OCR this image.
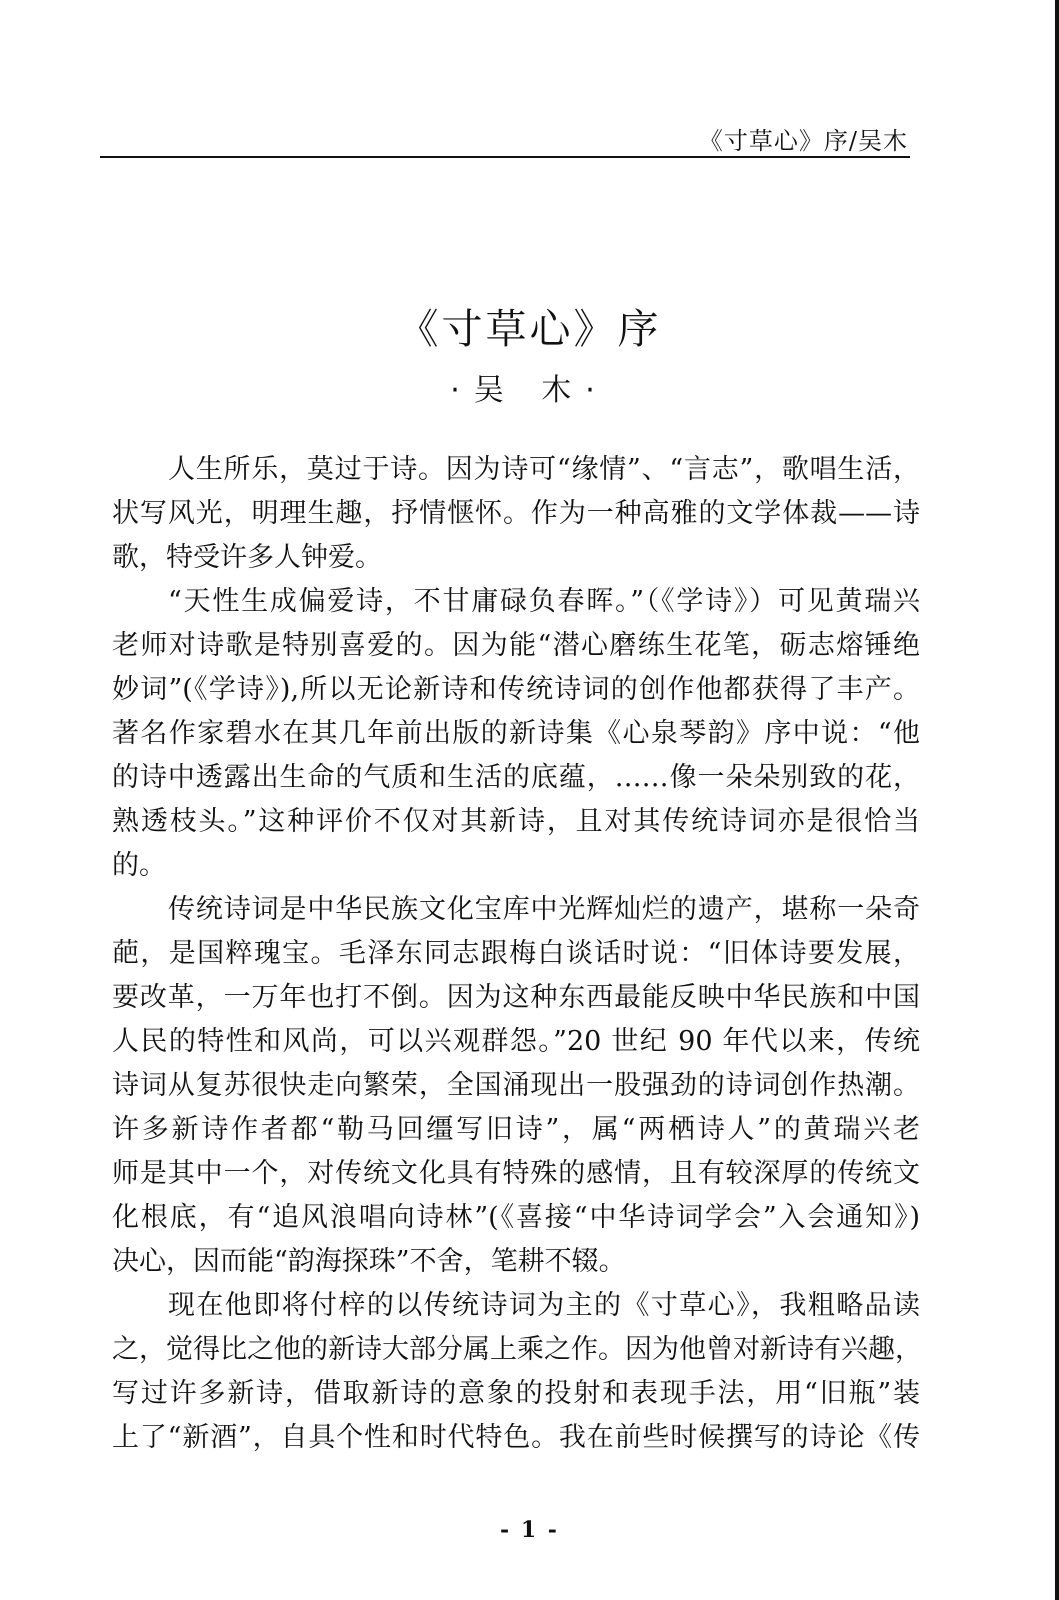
《寸草心》序/吴木
《寸草心》序
·吴 木·
人生所乐，莫过于诗。因为诗可“缘情”、“言志”，歌唱生活，
状写风光，明理生趣，抒情惬怀。作为一种高雅的文学体裁——诗
歌，特受许多人钟爱。
“天性生成偏爱诗，不甘庸碌负春晖。”（《学诗》）可见黄瑞兴
老师对诗歌是特别喜爱的。因为能“潜心磨练生花笔，砺志熔锤绝
妙词”(《学诗》),所以无论新诗和传统诗词的创作他都获得了丰产。
著名作家碧水在其几年前出版的新诗集《心泉琴韵》序中说：“他
的诗中透露出生命的气质和生活的底蕴，……像一朵朵别致的花，
熟透枝头。”这种评价不仅对其新诗，且对其传统诗词亦是很恰当
的。
传统诗词是中华民族文化宝库中光辉灿烂的遗产，堪称一朵奇
葩，是国粹瑰宝。毛泽东同志跟梅白谈话时说：“旧体诗要发展，
要改革，一万年也打不倒。因为这种东西最能反映中华民族和中国
人民的特性和风尚，可以兴观群怨。”20 世纪 90 年代以来，传统
诗词从复苏很快走向繁荣，全国涌现出一股强劲的诗词创作热潮。
许多新诗作者都“勒马回缰写旧诗”，属“两栖诗人”的黄瑞兴老
师是其中一个，对传统文化具有特殊的感情，且有较深厚的传统文
化根底，有“追风浪唱向诗林”(《喜接“中华诗词学会”入会通知》)
决心，因而能“韵海探珠”不舍，笔耕不辍。
现在他即将付梓的以传统诗词为主的《寸草心》，我粗略品读
之，觉得比之他的新诗大部分属上乘之作。因为他曾对新诗有兴趣，
写过许多新诗，借取新诗的意象的投射和表现手法，用“旧瓶”装
上了“新酒”，自具个性和时代特色。我在前些时候撰写的诗论《传
- 1 -
